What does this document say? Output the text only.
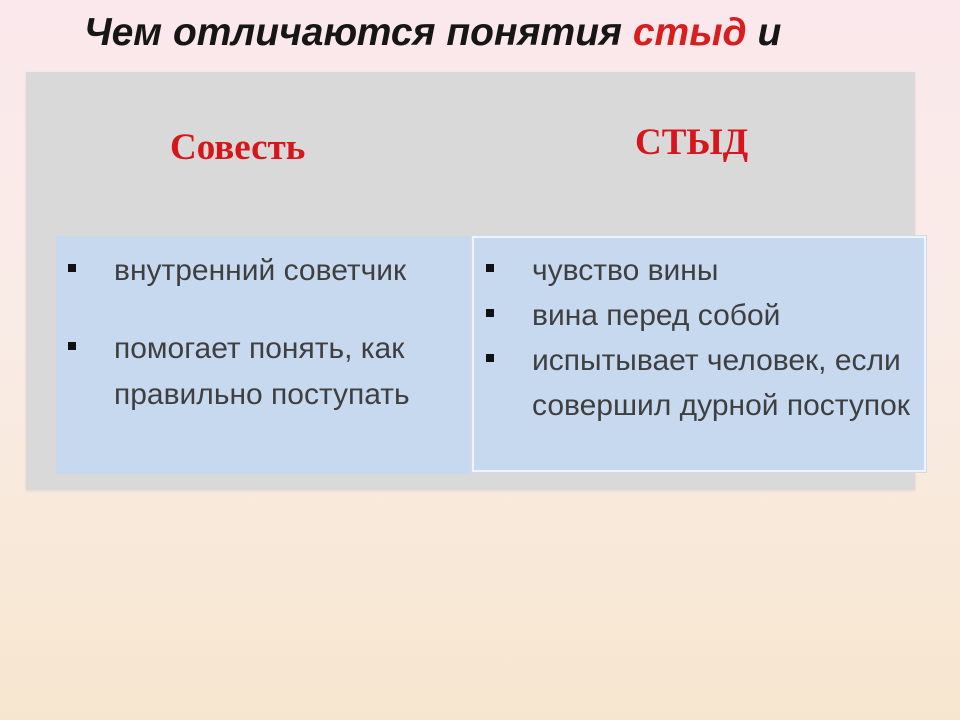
Чем отличаются понятия стыд и
Совесть	СТЫД
внутренний советчик
помогает понять, как правильно поступать
чувство вины
вина перед собой
испытывает человек, если совершил дурной поступок
